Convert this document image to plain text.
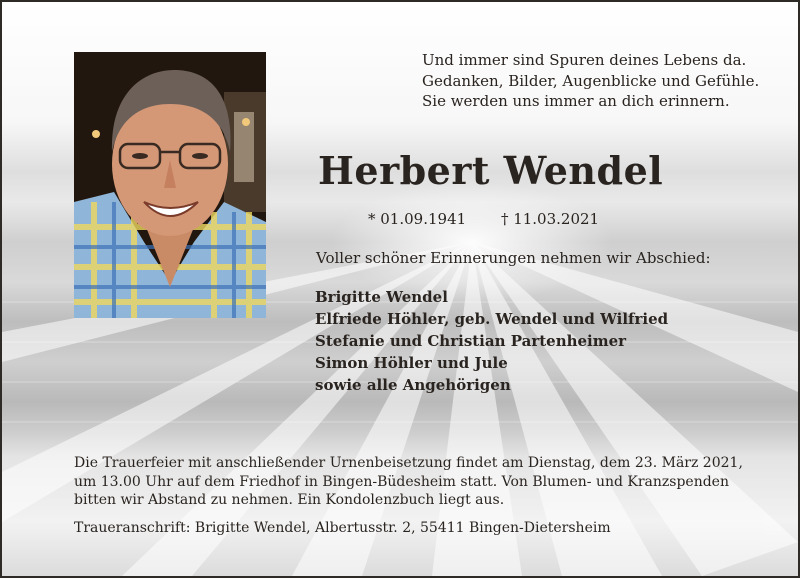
Und immer sind Spuren deines Lebens da.
Gedanken, Bilder, Augenblicke und Gefühle.
Sie werden uns immer an dich erinnern.
Herbert Wendel
* 01.09.1941 † 11.03.2021
Voller schöner Erinnerungen nehmen wir Abschied:
Brigitte Wendel
Elfriede Höhler, geb. Wendel und Wilfried
Stefanie und Christian Partenheimer
Simon Höhler und Jule
sowie alle Angehörigen
Die Trauerfeier mit anschließender Urnenbeisetzung findet am Dienstag, dem 23. März 2021,
um 13.00 Uhr auf dem Friedhof in Bingen-Büdesheim statt. Von Blumen- und Kranzspenden
bitten wir Abstand zu nehmen. Ein Kondolenzbuch liegt aus.
Traueranschrift: Brigitte Wendel, Albertusstr. 2, 55411 Bingen-Dietersheim
